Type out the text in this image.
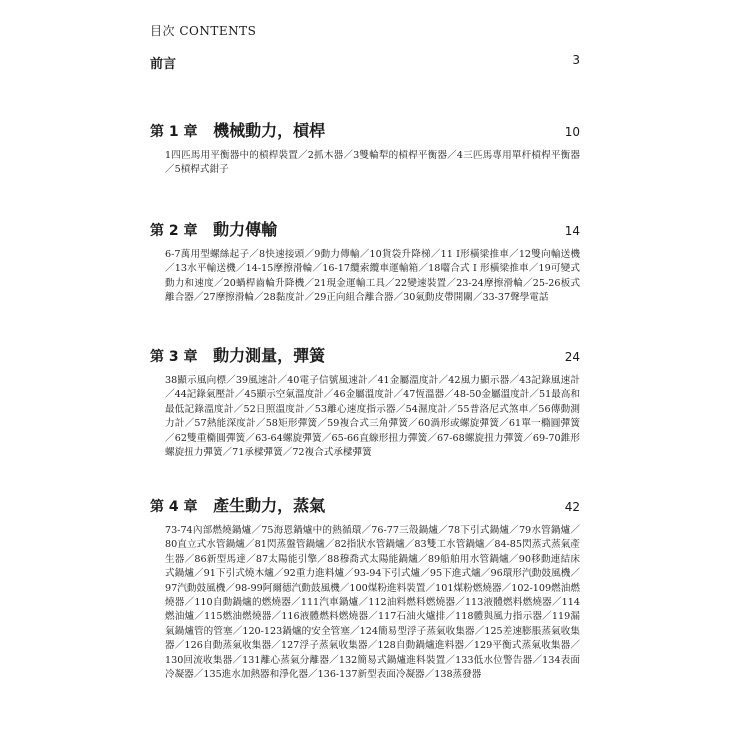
目次 CONTENTS
前言	3
第 1 章 機械動力，槓桿	10
1四匹馬用平衡器中的槓桿裝置／2抓木器／3雙輪犁的槓桿平衡器／4三匹馬專用單杆槓桿平衡器／5槓桿式鉗子
第 2 章 動力傳輸	14
6-7萬用型螺絲起子／8快速接頭／9動力傳輸／10貨袋升降梯／11 I形橫梁推車／12雙向輸送機／13水平輸送機／14-15摩擦滑輪／16-17纜索纜車運輸箱／18囓合式 I 形橫梁推車／19可變式動力和速度／20蝸桿齒輪升降機／21現金運輸工具／22變速裝置／23-24摩擦滑輪／25-26板式離合器／27摩擦滑輪／28黏度計／29正向組合離合器／30氣動皮帶開關／33-37聲學電話
第 3 章 動力測量，彈簧	24
38顯示風向標／39風速計／40電子信號風速計／41金屬溫度計／42風力顯示器／43記錄風速計／44記錄氣壓計／45顯示空氣溫度計／46金屬溫度計／47恆溫器／48-50金屬溫度計／51最高和最低記錄溫度計／52日照溫度計／53離心速度指示器／54濕度計／55普洛尼式煞車／56傳動測力計／57熱能深度計／58矩形彈簧／59複合式三角彈簧／60渦形或螺旋彈簧／61單一橢圓彈簧／62雙重橢圓彈簧／63-64螺旋彈簧／65-66直線形扭力彈簧／67-68螺旋扭力彈簧／69-70錐形螺旋扭力彈簧／71承樑彈簧／72複合式承樑彈簧
第 4 章 產生動力，蒸氣	42
73-74內部燃燒鍋爐／75海恩鍋爐中的熱循環／76-77三殼鍋爐／78下引式鍋爐／79水管鍋爐／80直立式水管鍋爐／81閃蒸盤管鍋爐／82指狀水管鍋爐／83雙工水管鍋爐／84-85閃蒸式蒸氣產生器／86新型馬達／87太陽能引擎／88穆喬式太陽能鍋爐／89船舶用水管鍋爐／90移動連結床式鍋爐／91下引式燒木爐／92重力進料爐／93-94下引式爐／95下進式爐／96環形汽動鼓風機／97汽動鼓風機／98-99阿爾德汽動鼓風機／100煤粉進料裝置／101煤粉燃燒器／102-109燃油燃燒器／110自動鍋爐的燃燒器／111汽車鍋爐／112油料燃料燃燒器／113液體燃料燃燒器／114燃油爐／115燃油燃燒器／116液體燃料燃燒器／117石油火爐排／118體與風力指示器／119漏氣鍋爐管的管塞／120-123鍋爐的安全管塞／124簡易型浮子蒸氣收集器／125差速膨脹蒸氣收集器／126自動蒸氣收集器／127浮子蒸氣收集器／128自動鍋爐進料器／129平衡式蒸氣收集器／130回流收集器／131離心蒸氣分離器／132簡易式鍋爐進料裝置／133低水位警告器／134表面冷凝器／135進水加熱器和淨化器／136-137新型表面冷凝器／138蒸發器
